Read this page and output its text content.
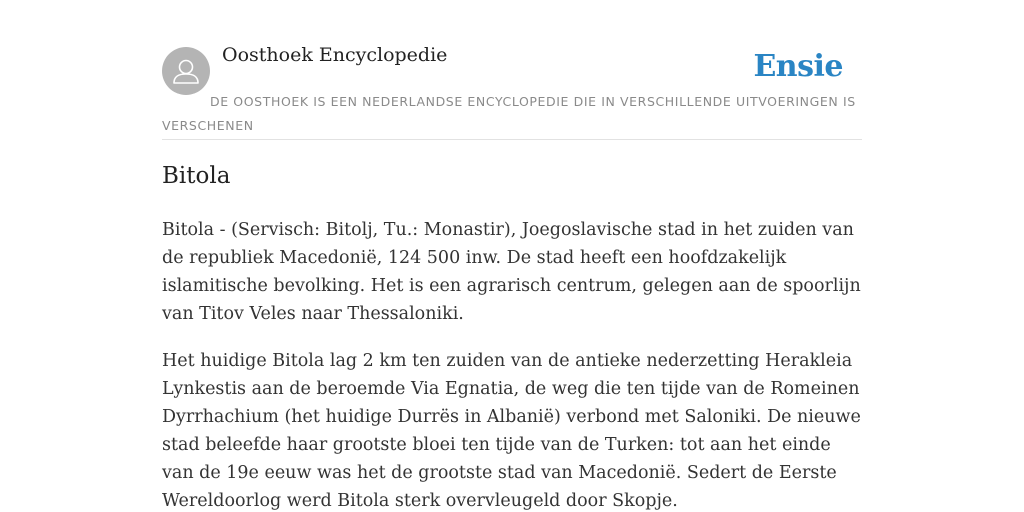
Oosthoek Encyclopedie	Ensie
DE OOSTHOEK IS EEN NEDERLANDSE ENCYCLOPEDIE DIE IN VERSCHILLENDE UITVOERINGEN IS VERSCHENEN
Bitola

Bitola - (Servisch: Bitolj, Tu.: Monastir), Joegoslavische stad in het zuiden van de republiek Macedonië, 124 500 inw. De stad heeft een hoofdzakelijk islamitische bevolking. Het is een agrarisch centrum, gelegen aan de spoorlijn van Titov Veles naar Thessaloniki.

Het huidige Bitola lag 2 km ten zuiden van de antieke nederzetting Herakleia Lynkestis aan de beroemde Via Egnatia, de weg die ten tijde van de Romeinen Dyrrhachium (het huidige Durrës in Albanië) verbond met Saloniki. De nieuwe stad beleefde haar grootste bloei ten tijde van de Turken: tot aan het einde van de 19e eeuw was het de grootste stad van Macedonië. Sedert de Eerste Wereldoorlog werd Bitola sterk overvleugeld door Skopje.
